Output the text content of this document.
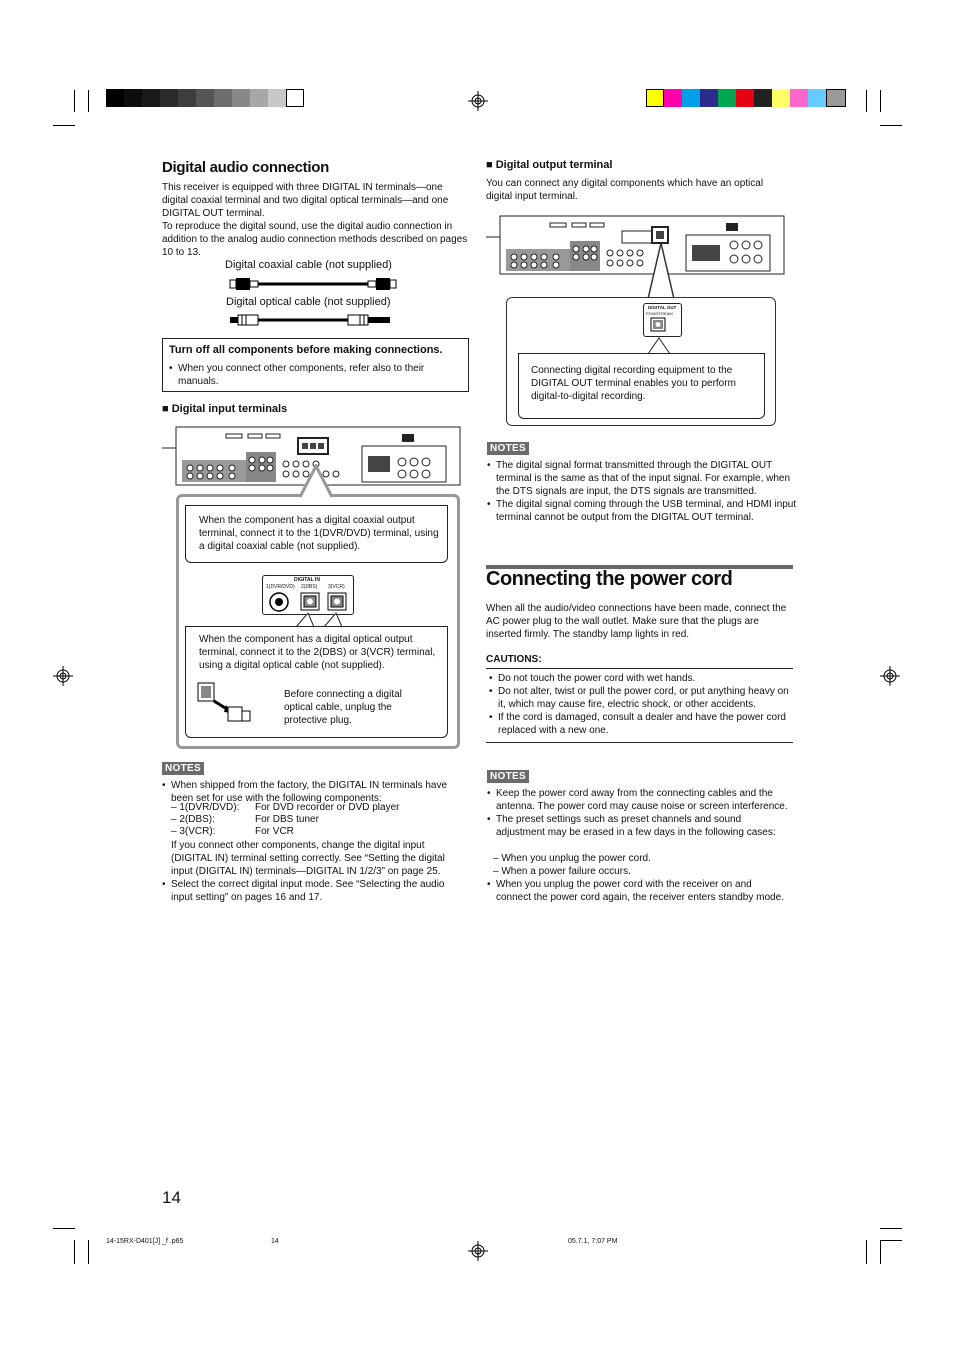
Digital audio connection
This receiver is equipped with three DIGITAL IN terminals—one digital coaxial terminal and two digital optical terminals—and one DIGITAL OUT terminal.
To reproduce the digital sound, use the digital audio connection in addition to the analog audio connection methods described on pages 10 to 13.
Digital coaxial cable (not supplied)
Digital optical cable (not supplied)
Turn off all components before making connections.
• When you connect other components, refer also to their manuals.
■ Digital input terminals
When the component has a digital coaxial output terminal, connect it to the 1(DVR/DVD) terminal, using a digital coaxial cable (not supplied).
DIGITAL IN
1(DVR/DVD) 2(DBS) 3(VCR)
When the component has a digital optical output terminal, connect it to the 2(DBS) or 3(VCR) terminal, using a digital optical cable (not supplied).
Before connecting a digital optical cable, unplug the protective plug.
NOTES
• When shipped from the factory, the DIGITAL IN terminals have been set for use with the following components:
– 1(DVR/DVD):	For DVD recorder or DVD player
– 2(DBS):	For DBS tuner
– 3(VCR):	For VCR
If you connect other components, change the digital input (DIGITAL IN) terminal setting correctly. See “Setting the digital input (DIGITAL IN) terminals—DIGITAL IN 1/2/3” on page 25.
• Select the correct digital input mode. See “Selecting the audio input setting” on pages 16 and 17.
■ Digital output terminal
You can connect any digital components which have an optical digital input terminal.
DIGITAL OUT
PCM/STREAM
Connecting digital recording equipment to the DIGITAL OUT terminal enables you to perform digital-to-digital recording.
NOTES
• The digital signal format transmitted through the DIGITAL OUT terminal is the same as that of the input signal. For example, when the DTS signals are input, the DTS signals are transmitted.
• The digital signal coming through the USB terminal, and HDMI input terminal cannot be output from the DIGITAL OUT terminal.
Connecting the power cord
When all the audio/video connections have been made, connect the AC power plug to the wall outlet. Make sure that the plugs are inserted firmly. The standby lamp lights in red.
CAUTIONS:
• Do not touch the power cord with wet hands.
• Do not alter, twist or pull the power cord, or put anything heavy on it, which may cause fire, electric shock, or other accidents.
• If the cord is damaged, consult a dealer and have the power cord replaced with a new one.
NOTES
• Keep the power cord away from the connecting cables and the antenna. The power cord may cause noise or screen interference.
• The preset settings such as preset channels and sound adjustment may be erased in a few days in the following cases:
– When you unplug the power cord.
– When a power failure occurs.
• When you unplug the power cord with the receiver on and connect the power cord again, the receiver enters standby mode.
14
14-15RX-D401[J] _f .p65	14	05.7.1, 7:07 PM
